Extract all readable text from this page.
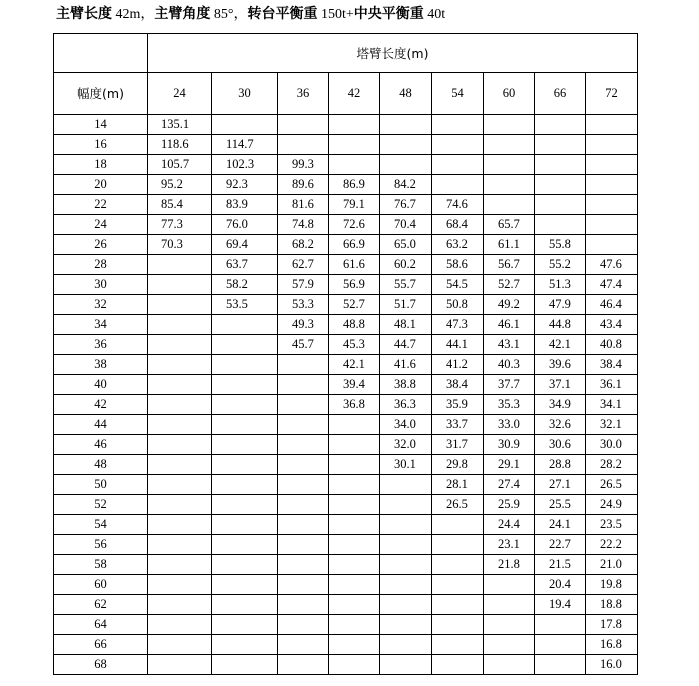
主臂长度 42m，主臂角度 85°，转台平衡重 150t+中央平衡重 40t
	塔臂长度(m)								
幅度(m)	24	30	36	42	48	54	60	66	72
14	135.1								
16	118.6	114.7							
18	105.7	102.3	99.3						
20	95.2	92.3	89.6	86.9	84.2				
22	85.4	83.9	81.6	79.1	76.7	74.6			
24	77.3	76.0	74.8	72.6	70.4	68.4	65.7		
26	70.3	69.4	68.2	66.9	65.0	63.2	61.1	55.8	
28		63.7	62.7	61.6	60.2	58.6	56.7	55.2	47.6
30		58.2	57.9	56.9	55.7	54.5	52.7	51.3	47.4
32		53.5	53.3	52.7	51.7	50.8	49.2	47.9	46.4
34			49.3	48.8	48.1	47.3	46.1	44.8	43.4
36			45.7	45.3	44.7	44.1	43.1	42.1	40.8
38				42.1	41.6	41.2	40.3	39.6	38.4
40				39.4	38.8	38.4	37.7	37.1	36.1
42				36.8	36.3	35.9	35.3	34.9	34.1
44					34.0	33.7	33.0	32.6	32.1
46					32.0	31.7	30.9	30.6	30.0
48					30.1	29.8	29.1	28.8	28.2
50						28.1	27.4	27.1	26.5
52						26.5	25.9	25.5	24.9
54							24.4	24.1	23.5
56							23.1	22.7	22.2
58							21.8	21.5	21.0
60								20.4	19.8
62								19.4	18.8
64									17.8
66									16.8
68									16.0
